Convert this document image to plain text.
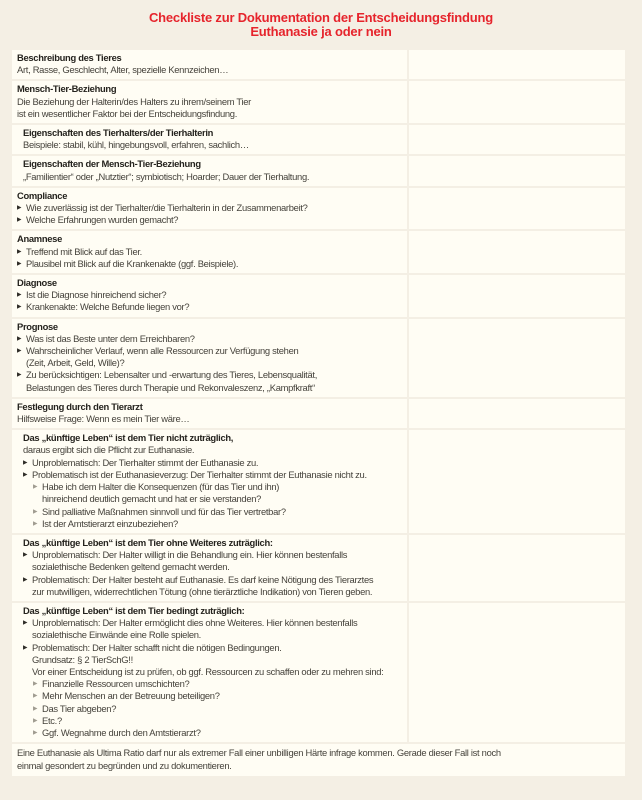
Checkliste zur Dokumentation der Entscheidungsfindung
Euthanasie ja oder nein
Beschreibung des Tieres
Art, Rasse, Geschlecht, Alter, spezielle Kennzeichen…
Mensch-Tier-Beziehung
Die Beziehung der Halterin/des Halters zu ihrem/seinem Tier
ist ein wesentlicher Faktor bei der Entscheidungsfindung.
Eigenschaften des Tierhalters/der Tierhalterin
Beispiele: stabil, kühl, hingebungsvoll, erfahren, sachlich…
Eigenschaften der Mensch-Tier-Beziehung
„Familientier“ oder „Nutztier“; symbiotisch; Hoarder; Dauer der Tierhaltung.
Compliance
▶ Wie zuverlässig ist der Tierhalter/die Tierhalterin in der Zusammenarbeit?
▶ Welche Erfahrungen wurden gemacht?
Anamnese
▶ Treffend mit Blick auf das Tier.
▶ Plausibel mit Blick auf die Krankenakte (ggf. Beispiele).
Diagnose
▶ Ist die Diagnose hinreichend sicher?
▶ Krankenakte: Welche Befunde liegen vor?
Prognose
▶ Was ist das Beste unter dem Erreichbaren?
▶ Wahrscheinlicher Verlauf, wenn alle Ressourcen zur Verfügung stehen
(Zeit, Arbeit, Geld, Wille)?
▶ Zu berücksichtigen: Lebensalter und -erwartung des Tieres, Lebensqualität,
Belastungen des Tieres durch Therapie und Rekonvaleszenz, „Kampfkraft“
Festlegung durch den Tierarzt
Hilfsweise Frage: Wenn es mein Tier wäre…
Das „künftige Leben“ ist dem Tier nicht zuträglich,
daraus ergibt sich die Pflicht zur Euthanasie.
▶ Unproblematisch: Der Tierhalter stimmt der Euthanasie zu.
▶ Problematisch ist der Euthanasieverzug: Der Tierhalter stimmt der Euthanasie nicht zu.
▶ Habe ich dem Halter die Konsequenzen (für das Tier und ihn)
hinreichend deutlich gemacht und hat er sie verstanden?
▶ Sind palliative Maßnahmen sinnvoll und für das Tier vertretbar?
▶ Ist der Amtstierarzt einzubeziehen?
Das „künftige Leben“ ist dem Tier ohne Weiteres zuträglich:
▶ Unproblematisch: Der Halter willigt in die Behandlung ein. Hier können bestenfalls
sozialethische Bedenken geltend gemacht werden.
▶ Problematisch: Der Halter besteht auf Euthanasie. Es darf keine Nötigung des Tierarztes
zur mutwilligen, widerrechtlichen Tötung (ohne tierärztliche Indikation) von Tieren geben.
Das „künftige Leben“ ist dem Tier bedingt zuträglich:
▶ Unproblematisch: Der Halter ermöglicht dies ohne Weiteres. Hier können bestenfalls
sozialethische Einwände eine Rolle spielen.
▶ Problematisch: Der Halter schafft nicht die nötigen Bedingungen.
Grundsatz: § 2 TierSchG!!
Vor einer Entscheidung ist zu prüfen, ob ggf. Ressourcen zu schaffen oder zu mehren sind:
▶ Finanzielle Ressourcen umschichten?
▶ Mehr Menschen an der Betreuung beteiligen?
▶ Das Tier abgeben?
▶ Etc.?
▶ Ggf. Wegnahme durch den Amtstierarzt?
Eine Euthanasie als Ultima Ratio darf nur als extremer Fall einer unbilligen Härte infrage kommen. Gerade dieser Fall ist noch
einmal gesondert zu begründen und zu dokumentieren.
